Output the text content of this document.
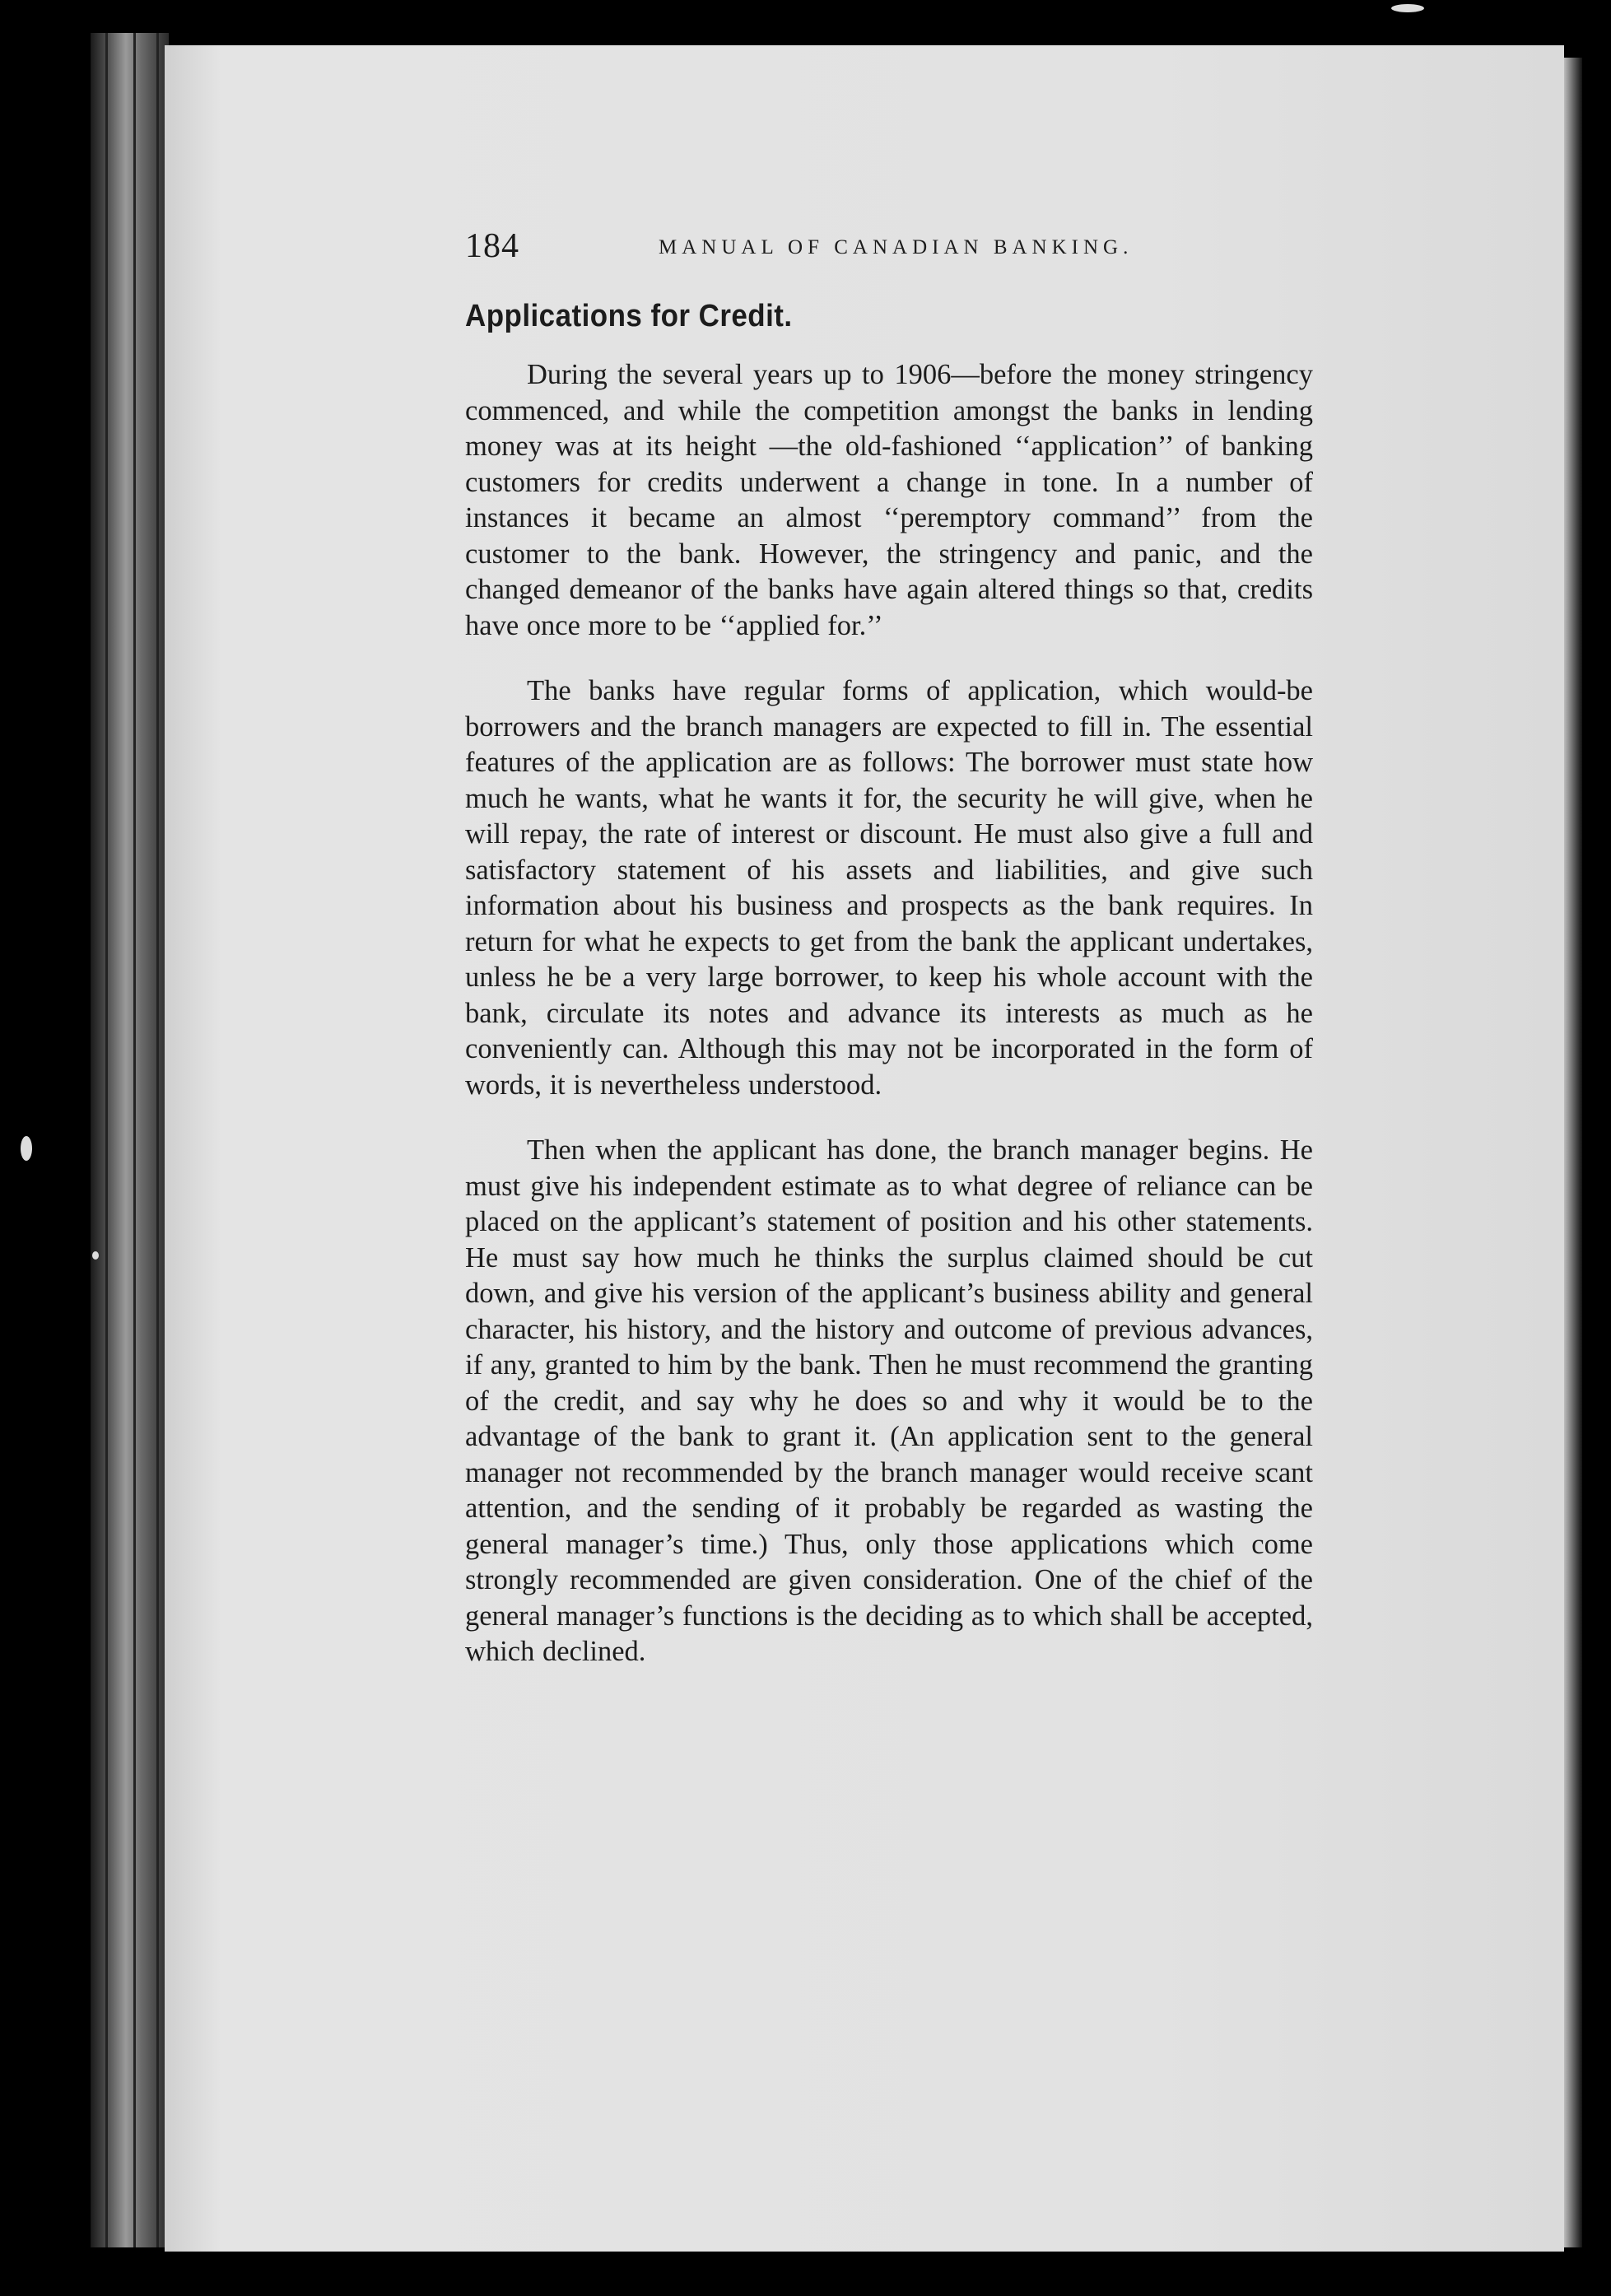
184	MANUAL OF CANADIAN BANKING.
Applications for Credit.

During the several years up to 1906—before the money stringency commenced, and while the competition amongst the banks in lending money was at its height —the old-fashioned ‘‘application’’ of banking customers for credits underwent a change in tone. In a number of instances it became an almost ‘‘peremptory command’’ from the customer to the bank. However, the stringency and panic, and the changed demeanor of the banks have again altered things so that, credits have once more to be ‘‘applied for.’’

The banks have regular forms of application, which would-be borrowers and the branch managers are expected to fill in. The essential features of the application are as follows: The borrower must state how much he wants, what he wants it for, the security he will give, when he will repay, the rate of interest or discount. He must also give a full and satisfactory statement of his assets and liabilities, and give such information about his business and prospects as the bank requires. In return for what he expects to get from the bank the applicant undertakes, unless he be a very large borrower, to keep his whole account with the bank, circulate its notes and advance its interests as much as he conveniently can. Although this may not be incorporated in the form of words, it is nevertheless understood.

Then when the applicant has done, the branch manager begins. He must give his independent estimate as to what degree of reliance can be placed on the applicant’s statement of position and his other statements. He must say how much he thinks the surplus claimed should be cut down, and give his version of the applicant’s business ability and general character, his history, and the history and outcome of previous advances, if any, granted to him by the bank. Then he must recommend the granting of the credit, and say why he does so and why it would be to the advantage of the bank to grant it. (An application sent to the general manager not recommended by the branch manager would receive scant attention, and the sending of it probably be regarded as wasting the general manager’s time.) Thus, only those applications which come strongly recommended are given consideration. One of the chief of the general manager’s functions is the deciding as to which shall be accepted, which declined.
